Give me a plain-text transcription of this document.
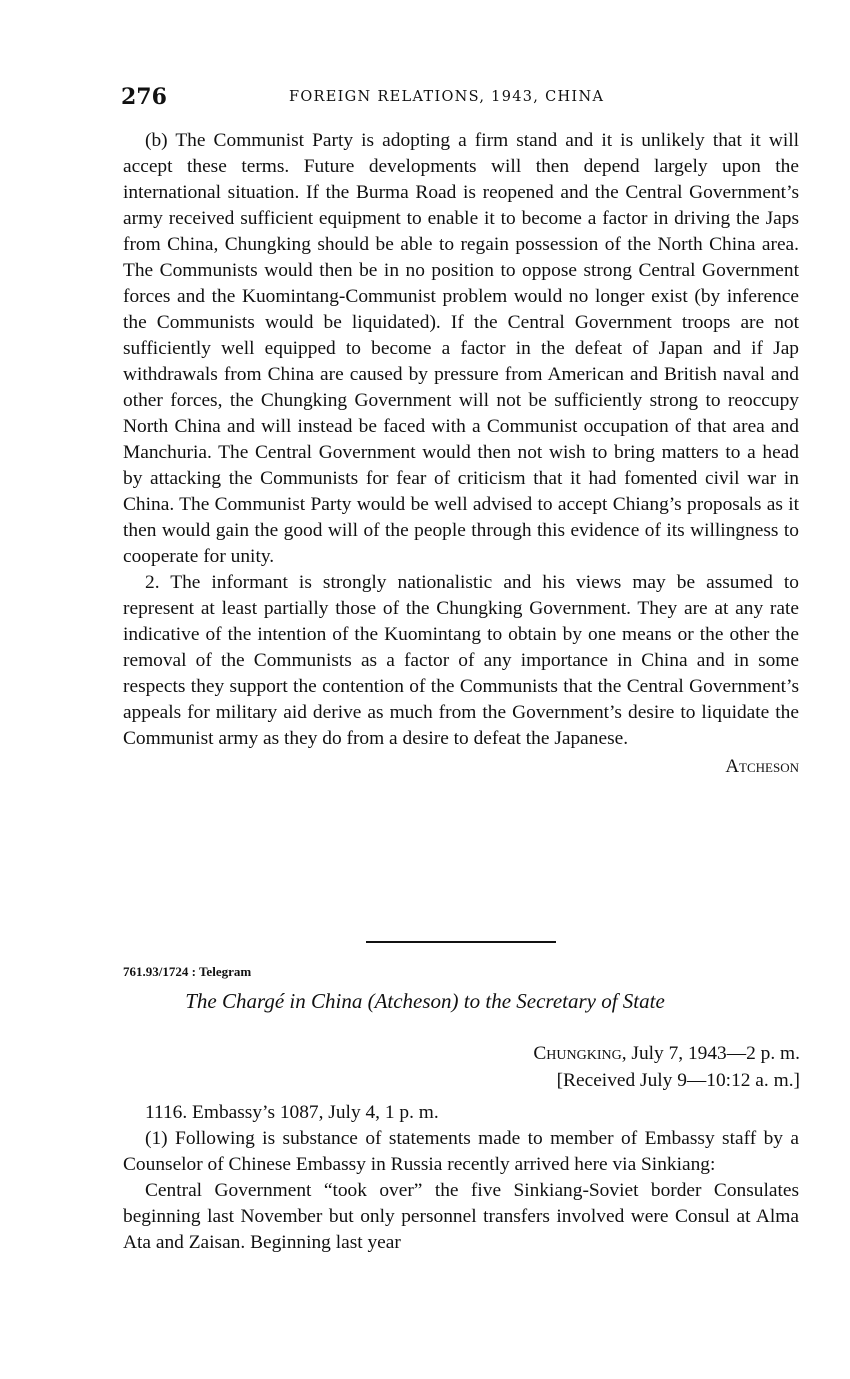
276	FOREIGN RELATIONS, 1943, CHINA

(b) The Communist Party is adopting a firm stand and it is unlikely that it will accept these terms. Future developments will then depend largely upon the international situation. If the Burma Road is reopened and the Central Government’s army received sufficient equipment to enable it to become a factor in driving the Japs from China, Chungking should be able to regain possession of the North China area. The Communists would then be in no position to oppose strong Central Government forces and the Kuomintang-Communist problem would no longer exist (by inference the Communists would be liquidated). If the Central Government troops are not sufficiently well equipped to become a factor in the defeat of Japan and if Jap withdrawals from China are caused by pressure from American and British naval and other forces, the Chungking Government will not be sufficiently strong to reoccupy North China and will instead be faced with a Communist occupation of that area and Manchuria. The Central Government would then not wish to bring matters to a head by attacking the Communists for fear of criticism that it had fomented civil war in China. The Communist Party would be well advised to accept Chiang’s proposals as it then would gain the good will of the people through this evidence of its willingness to cooperate for unity.

2. The informant is strongly nationalistic and his views may be assumed to represent at least partially those of the Chungking Government. They are at any rate indicative of the intention of the Kuomintang to obtain by one means or the other the removal of the Communists as a factor of any importance in China and in some respects they support the contention of the Communists that the Central Government’s appeals for military aid derive as much from the Government’s desire to liquidate the Communist army as they do from a desire to defeat the Japanese.

Atcheson
761.93/1724 : Telegram
The Chargé in China (Atcheson) to the Secretary of State
Chungking, July 7, 1943—2 p. m.
[Received July 9—10:12 a. m.]

1116. Embassy’s 1087, July 4, 1 p. m.

(1) Following is substance of statements made to member of Embassy staff by a Counselor of Chinese Embassy in Russia recently arrived here via Sinkiang:

Central Government “took over” the five Sinkiang-Soviet border Consulates beginning last November but only personnel transfers involved were Consul at Alma Ata and Zaisan. Beginning last year
